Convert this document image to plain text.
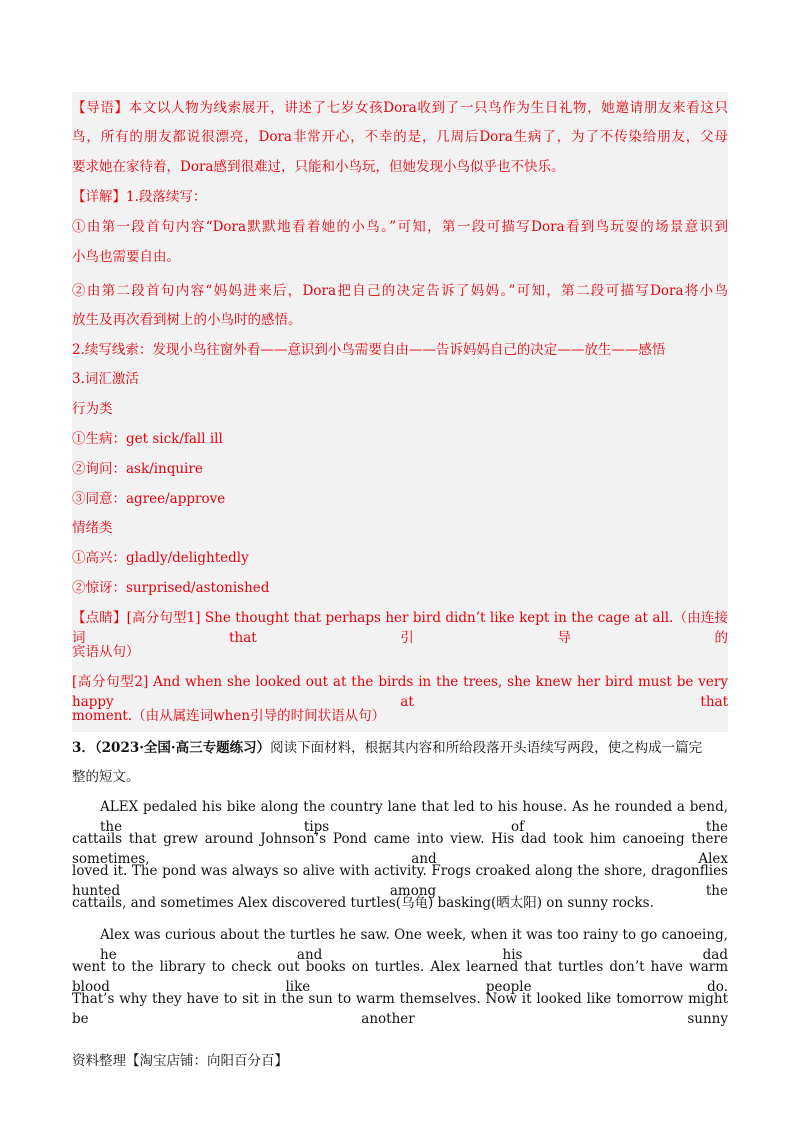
【导语】本文以人物为线索展开，讲述了七岁女孩Dora收到了一只鸟作为生日礼物，她邀请朋友来看这只
鸟，所有的朋友都说很漂亮，Dora非常开心，不幸的是，几周后Dora生病了，为了不传染给朋友，父母
要求她在家待着，Dora感到很难过，只能和小鸟玩，但她发现小鸟似乎也不快乐。
【详解】1.段落续写：
①由第一段首句内容“Dora默默地看着她的小鸟。”可知，第一段可描写Dora看到鸟玩耍的场景意识到
小鸟也需要自由。
②由第二段首句内容“妈妈进来后，Dora把自己的决定告诉了妈妈。”可知，第二段可描写Dora将小鸟
放生及再次看到树上的小鸟时的感悟。
2.续写线索：发现小鸟往窗外看——意识到小鸟需要自由——告诉妈妈自己的决定——放生——感悟
3.词汇激活
行为类
①生病：get sick/fall ill
②询问：ask/inquire
③同意：agree/approve
情绪类
①高兴：gladly/delightedly
②惊讶：surprised/astonished
【点睛】[高分句型1] She thought that perhaps her bird didn’t like kept in the cage at all.（由连接词that引导的
宾语从句）
[高分句型2] And when she looked out at the birds in the trees, she knew her bird must be very happy at that
moment.（由从属连词when引导的时间状语从句）
3．（2023·全国·高三专题练习）阅读下面材料，根据其内容和所给段落开头语续写两段，使之构成一篇完
整的短文。
ALEX pedaled his bike along the country lane that led to his house. As he rounded a bend, the tips of the
cattails that grew around Johnson’s Pond came into view. His dad took him canoeing there sometimes, and Alex
loved it. The pond was always so alive with activity. Frogs croaked along the shore, dragonflies hunted among the
cattails, and sometimes Alex discovered turtles(乌龟) basking(晒太阳) on sunny rocks.
Alex was curious about the turtles he saw. One week, when it was too rainy to go canoeing, he and his dad
went to the library to check out books on turtles. Alex learned that turtles don’t have warm blood like people do.
That’s why they have to sit in the sun to warm themselves. Now it looked like tomorrow might be another sunny
资料整理【淘宝店铺：向阳百分百】
